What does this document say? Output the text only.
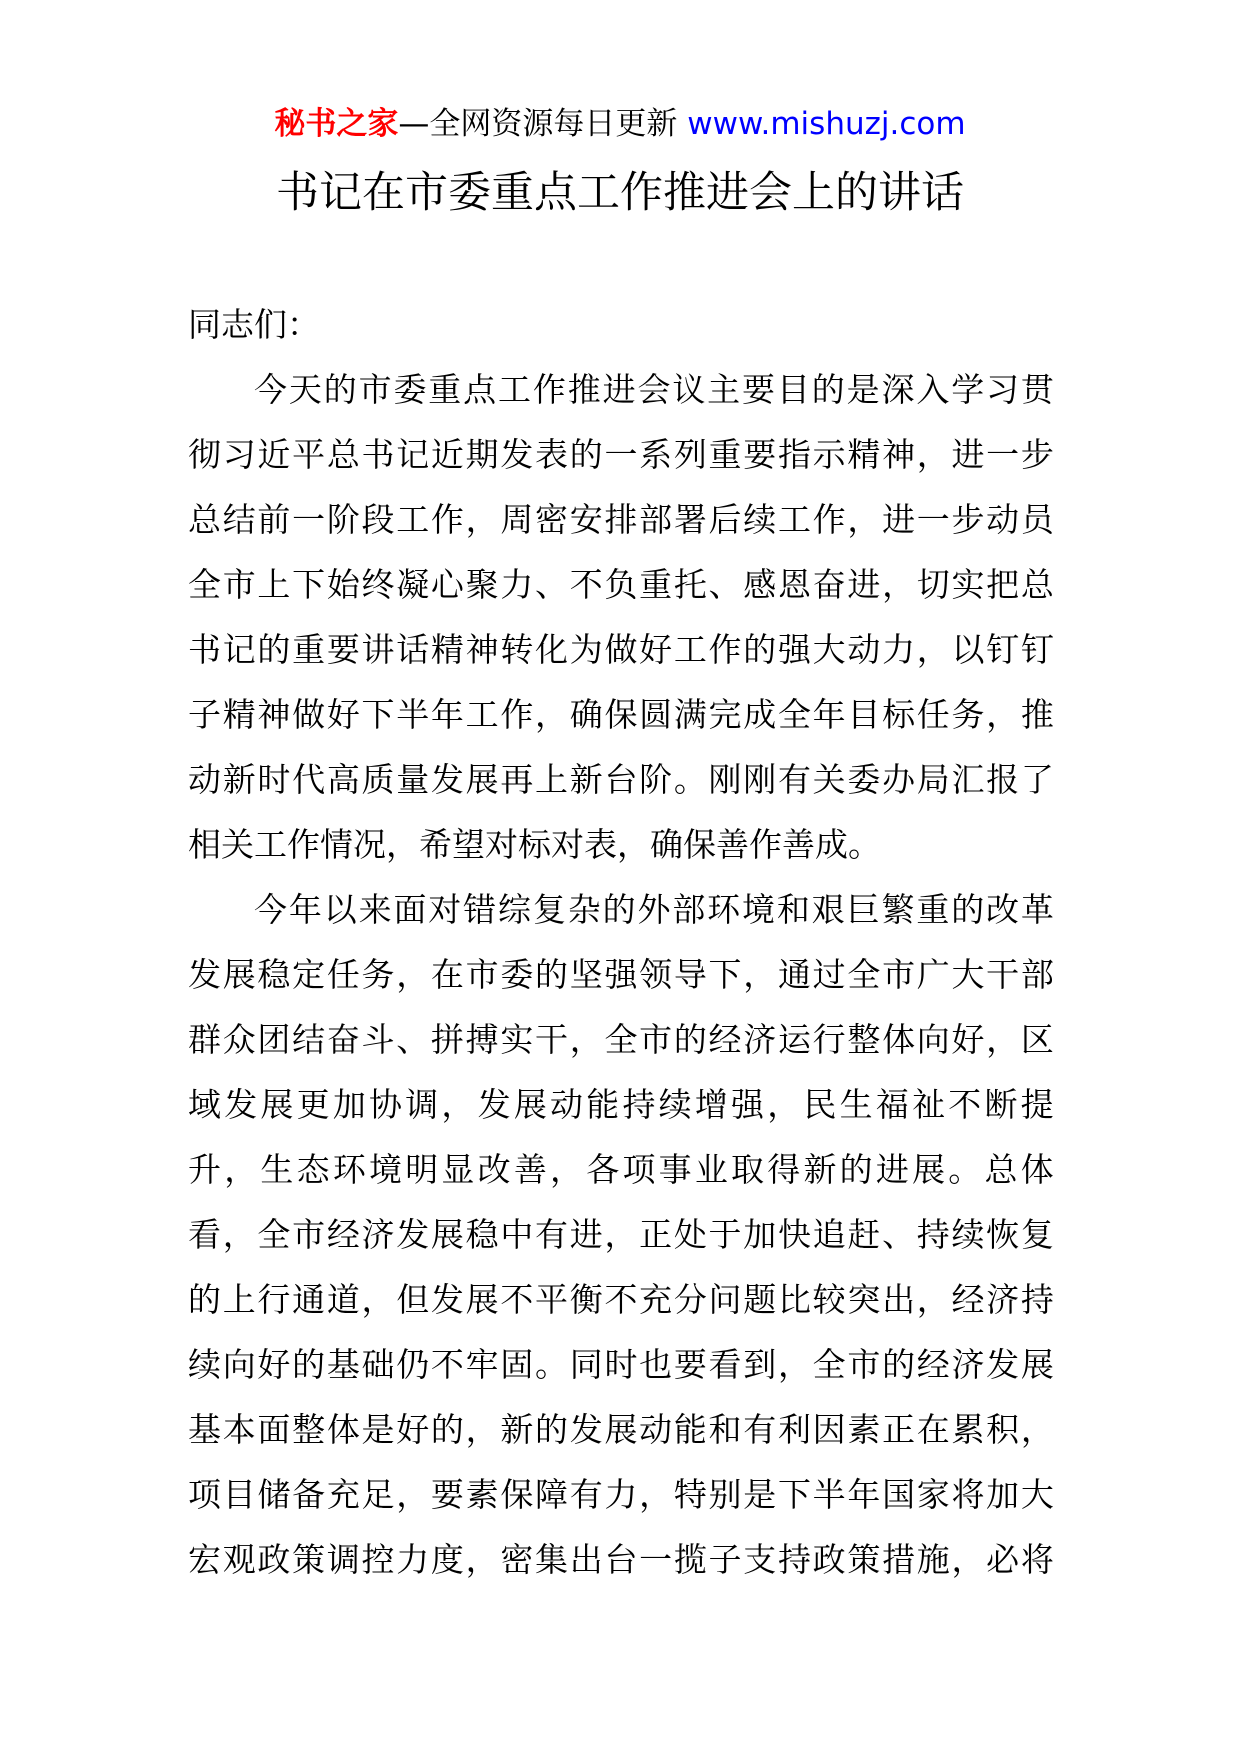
秘书之家—全网资源每日更新 www.mishuzj.com
书记在市委重点工作推进会上的讲话
同志们：
今 天 的 市 委 重 点 工 作 推 进 会 议 主 要 目 的 是 深 入 学 习 贯
彻 习 近 平 总 书 记 近 期 发 表 的 一 系 列 重 要 指 示 精 神 ， 进 一 步
总 结 前 一 阶 段 工 作 ， 周 密 安 排 部 署 后 续 工 作 ， 进 一 步 动 员
全 市 上 下 始 终 凝 心 聚 力 、 不 负 重 托 、 感 恩 奋 进 ， 切 实 把 总
书 记 的 重 要 讲 话 精 神 转 化 为 做 好 工 作 的 强 大 动 力 ， 以 钉 钉
子 精 神 做 好 下 半 年 工 作 ， 确 保 圆 满 完 成 全 年 目 标 任 务 ， 推
动 新 时 代 高 质 量 发 展 再 上 新 台 阶 。 刚 刚 有 关 委 办 局 汇 报 了
相关工作情况，希望对标对表，确保善作善成。
今 年 以 来 面 对 错 综 复 杂 的 外 部 环 境 和 艰 巨 繁 重 的 改 革
发 展 稳 定 任 务 ， 在 市 委 的 坚 强 领 导 下 ， 通 过 全 市 广 大 干 部
群 众 团 结 奋 斗 、 拼 搏 实 干 ， 全 市 的 经 济 运 行 整 体 向 好 ， 区
域 发 展 更 加 协 调 ， 发 展 动 能 持 续 增 强 ， 民 生 福 祉 不 断 提
升 ， 生 态 环 境 明 显 改 善 ， 各 项 事 业 取 得 新 的 进 展 。 总 体
看 ， 全 市 经 济 发 展 稳 中 有 进 ， 正 处 于 加 快 追 赶 、 持 续 恢 复
的 上 行 通 道 ， 但 发 展 不 平 衡 不 充 分 问 题 比 较 突 出 ， 经 济 持
续 向 好 的 基 础 仍 不 牢 固 。 同 时 也 要 看 到 ， 全 市 的 经 济 发 展
基 本 面 整 体 是 好 的 ， 新 的 发 展 动 能 和 有 利 因 素 正 在 累 积 ，
项 目 储 备 充 足 ， 要 素 保 障 有 力 ， 特 别 是 下 半 年 国 家 将 加 大
宏 观 政 策 调 控 力 度 ， 密 集 出 台 一 揽 子 支 持 政 策 措 施 ， 必 将
